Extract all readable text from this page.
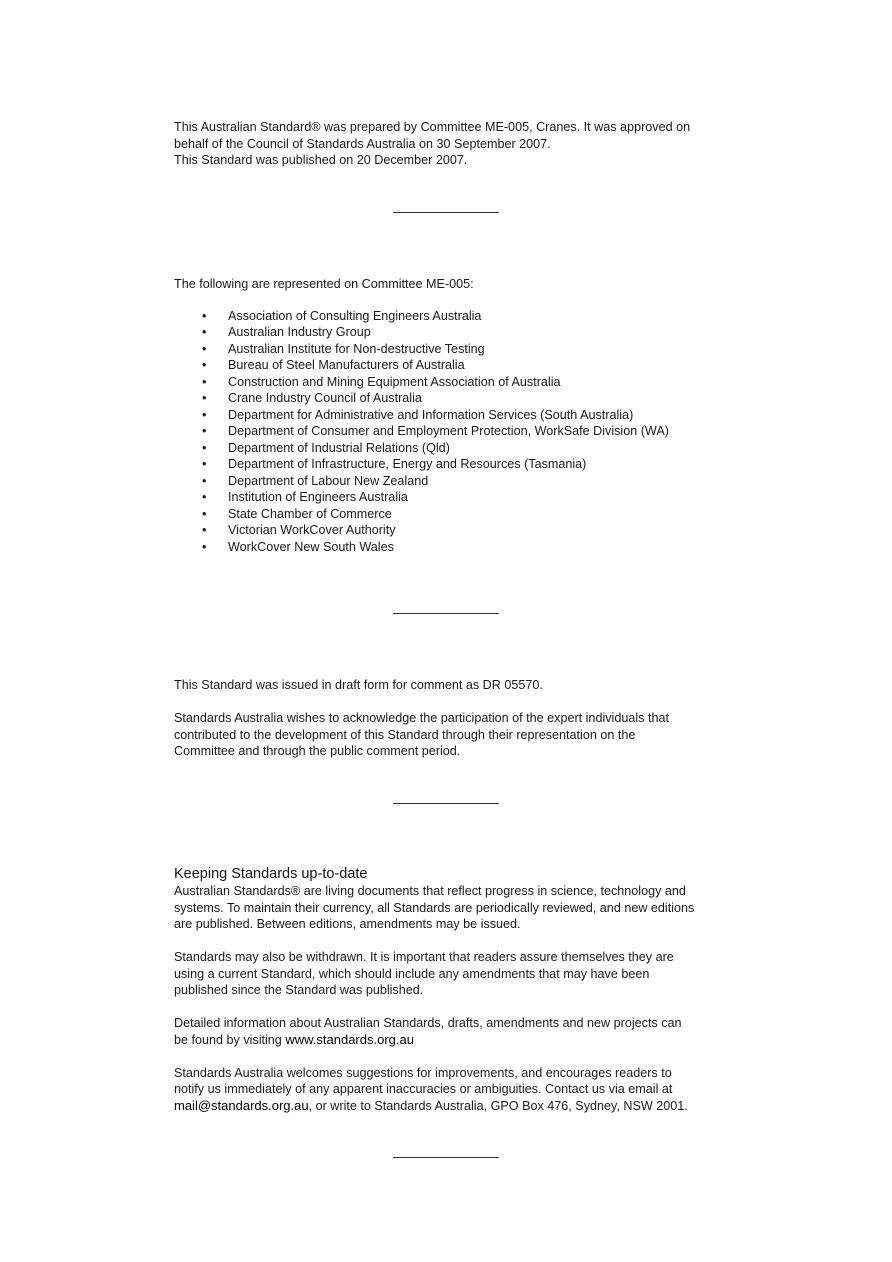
This Australian Standard® was prepared by Committee ME-005, Cranes. It was approved on

behalf of the Council of Standards Australia on 30 September 2007.

This Standard was published on 20 December 2007.

The following are represented on Committee ME-005:

• Association of Consulting Engineers Australia
• Australian Industry Group
• Australian Institute for Non-destructive Testing
• Bureau of Steel Manufacturers of Australia
• Construction and Mining Equipment Association of Australia
• Crane Industry Council of Australia
• Department for Administrative and Information Services (South Australia)
• Department of Consumer and Employment Protection, WorkSafe Division (WA)
• Department of Industrial Relations (Qld)
• Department of Infrastructure, Energy and Resources (Tasmania)
• Department of Labour New Zealand
• Institution of Engineers Australia
• State Chamber of Commerce
• Victorian WorkCover Authority
• WorkCover New South Wales

This Standard was issued in draft form for comment as DR 05570.

Standards Australia wishes to acknowledge the participation of the expert individuals that

contributed to the development of this Standard through their representation on the

Committee and through the public comment period.

Keeping Standards up-to-date

Australian Standards® are living documents that reflect progress in science, technology and

systems. To maintain their currency, all Standards are periodically reviewed, and new editions

are published. Between editions, amendments may be issued.

Standards may also be withdrawn. It is important that readers assure themselves they are

using a current Standard, which should include any amendments that may have been

published since the Standard was published.

Detailed information about Australian Standards, drafts, amendments and new projects can

be found by visiting www.standards.org.au

Standards Australia welcomes suggestions for improvements, and encourages readers to

notify us immediately of any apparent inaccuracies or ambiguities. Contact us via email at

mail@standards.org.au, or write to Standards Australia, GPO Box 476, Sydney, NSW 2001.
